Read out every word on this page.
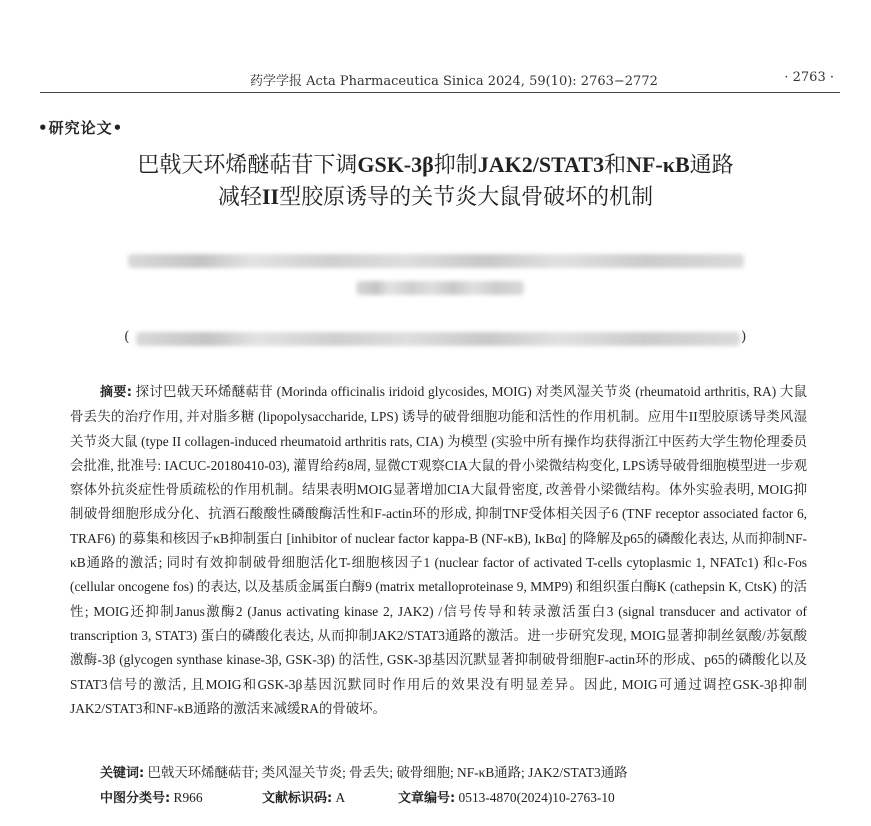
药学学报 Acta Pharmaceutica Sinica 2024, 59(10): 2763−2772	· 2763 ·
•研究论文•
巴戟天环烯醚萜苷下调GSK-3β抑制JAK2/STAT3和NF-κB通路
减轻II型胶原诱导的关节炎大鼠骨破坏的机制
(	)

摘要: 探讨巴戟天环烯醚萜苷 (Morinda officinalis iridoid glycosides, MOIG) 对类风湿关节炎 (rheumatoid arthritis, RA) 大鼠骨丢失的治疗作用, 并对脂多糖 (lipopolysaccharide, LPS) 诱导的破骨细胞功能和活性的作用机制。应用牛II型胶原诱导类风湿关节炎大鼠 (type II collagen-induced rheumatoid arthritis rats, CIA) 为模型 (实验中所有操作均获得浙江中医药大学生物伦理委员会批准, 批准号: IACUC-20180410-03), 灌胃给药8周, 显微CT观察CIA大鼠的骨小梁微结构变化, LPS诱导破骨细胞模型进一步观察体外抗炎症性骨质疏松的作用机制。结果表明MOIG显著增加CIA大鼠骨密度, 改善骨小梁微结构。体外实验表明, MOIG抑制破骨细胞形成分化、抗酒石酸酸性磷酸酶活性和F-actin环的形成, 抑制TNF受体相关因子6 (TNF receptor associated factor 6, TRAF6) 的募集和核因子κB抑制蛋白 [inhibitor of nuclear factor kappa-B (NF-κB), IκBα] 的降解及p65的磷酸化表达, 从而抑制NF-κB通路的激活; 同时有效抑制破骨细胞活化T-细胞核因子1 (nuclear factor of activated T-cells cytoplasmic 1, NFATc1) 和c-Fos (cellular oncogene fos) 的表达, 以及基质金属蛋白酶9 (matrix metalloproteinase 9, MMP9) 和组织蛋白酶K (cathepsin K, CtsK) 的活性; MOIG还抑制Janus激酶2 (Janus activating kinase 2, JAK2) /信号传导和转录激活蛋白3 (signal transducer and activator of transcription 3, STAT3) 蛋白的磷酸化表达, 从而抑制JAK2/STAT3通路的激活。进一步研究发现, MOIG显著抑制丝氨酸/苏氨酸激酶-3β (glycogen synthase kinase-3β, GSK-3β) 的活性, GSK-3β基因沉默显著抑制破骨细胞F-actin环的形成、p65的磷酸化以及STAT3信号的激活, 且MOIG和GSK-3β基因沉默同时作用后的效果没有明显差异。因此, MOIG可通过调控GSK-3β抑制JAK2/STAT3和NF-κB通路的激活来减缓RA的骨破坏。

关键词: 巴戟天环烯醚萜苷; 类风湿关节炎; 骨丢失; 破骨细胞; NF-κB通路; JAK2/STAT3通路
中图分类号: R966	文献标识码: A	文章编号: 0513-4870(2024)10-2763-10
